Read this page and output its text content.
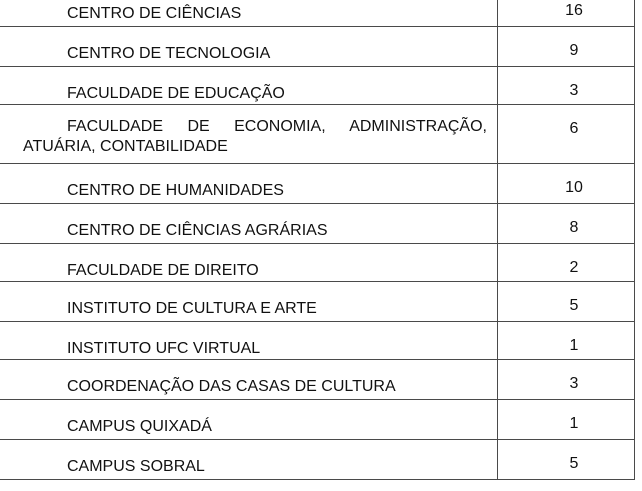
CENTRO DE CIÊNCIAS	16
CENTRO DE TECNOLOGIA	9
FACULDADE DE EDUCAÇÃO	3

FACULDADE DE ECONOMIA, ADMINISTRAÇÃO,
ATUÁRIA, CONTABILIDADE	6
CENTRO DE HUMANIDADES	10
CENTRO DE CIÊNCIAS AGRÁRIAS	8
FACULDADE DE DIREITO	2
INSTITUTO DE CULTURA E ARTE	5
INSTITUTO UFC VIRTUAL	1
COORDENAÇÃO DAS CASAS DE CULTURA	3
CAMPUS QUIXADÁ	1
CAMPUS SOBRAL	5
